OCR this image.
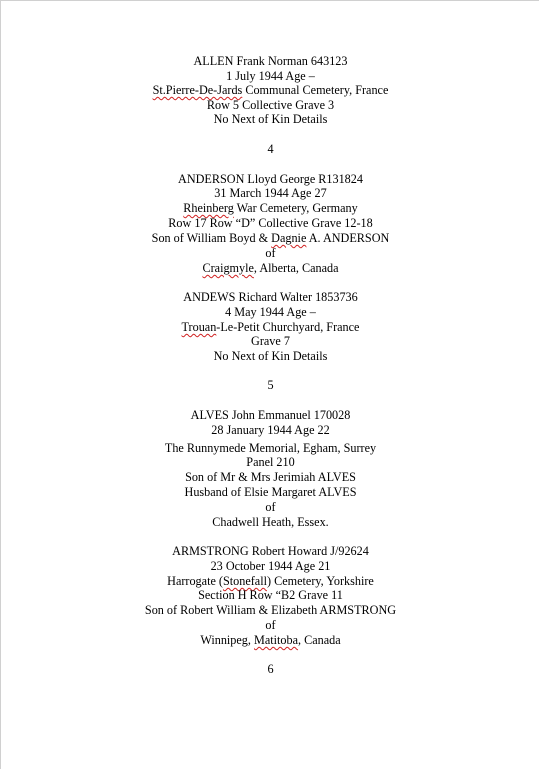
ALLEN Frank Norman 643123
1 July 1944 Age –
St.Pierre-De-Jards Communal Cemetery, France
Row 5 Collective Grave 3
No Next of Kin Details
4
ANDERSON Lloyd George R131824
31 March 1944 Age 27
Rheinberg War Cemetery, Germany
Row 17 Row “D” Collective Grave 12-18
Son of William Boyd & Dagnie A. ANDERSON
of
Craigmyle, Alberta, Canada
ANDEWS Richard Walter 1853736
4 May 1944 Age –
Trouan-Le-Petit Churchyard, France
Grave 7
No Next of Kin Details
5
ALVES John Emmanuel 170028
28 January 1944 Age 22
The Runnymede Memorial, Egham, Surrey
Panel 210
Son of Mr & Mrs Jerimiah ALVES
Husband of Elsie Margaret ALVES
of
Chadwell Heath, Essex.
ARMSTRONG Robert Howard J/92624
23 October 1944 Age 21
Harrogate (Stonefall) Cemetery, Yorkshire
Section H Row “B2 Grave 11
Son of Robert William & Elizabeth ARMSTRONG
of
Winnipeg, Matitoba, Canada
6
